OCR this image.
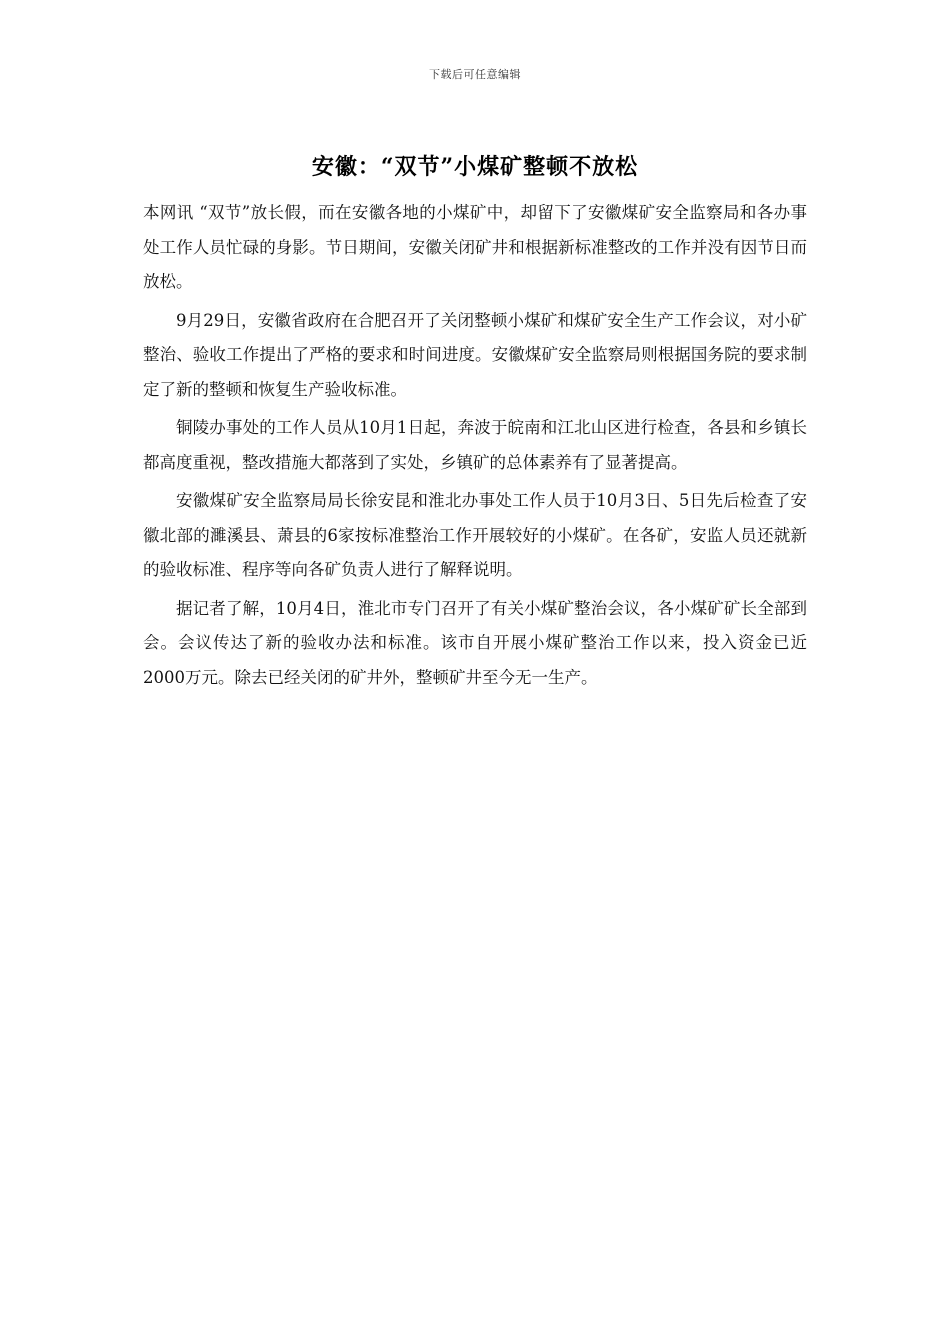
下载后可任意编辑
安徽：“双节”小煤矿整顿不放松

本网讯 “双节”放长假，而在安徽各地的小煤矿中，却留下了安徽煤矿安全监察局和各办事处工作人员忙碌的身影。节日期间，安徽关闭矿井和根据新标准整改的工作并没有因节日而放松。

9月29日，安徽省政府在合肥召开了关闭整顿小煤矿和煤矿安全生产工作会议，对小矿整治、验收工作提出了严格的要求和时间进度。安徽煤矿安全监察局则根据国务院的要求制定了新的整顿和恢复生产验收标准。

铜陵办事处的工作人员从10月1日起，奔波于皖南和江北山区进行检查，各县和乡镇长都高度重视，整改措施大都落到了实处，乡镇矿的总体素养有了显著提高。

安徽煤矿安全监察局局长徐安昆和淮北办事处工作人员于10月3日、5日先后检查了安徽北部的濉溪县、萧县的6家按标准整治工作开展较好的小煤矿。在各矿，安监人员还就新的验收标准、程序等向各矿负责人进行了解释说明。

据记者了解，10月4日，淮北市专门召开了有关小煤矿整治会议，各小煤矿矿长全部到会。会议传达了新的验收办法和标准。该市自开展小煤矿整治工作以来，投入资金已近2000万元。除去已经关闭的矿井外，整顿矿井至今无一生产。
